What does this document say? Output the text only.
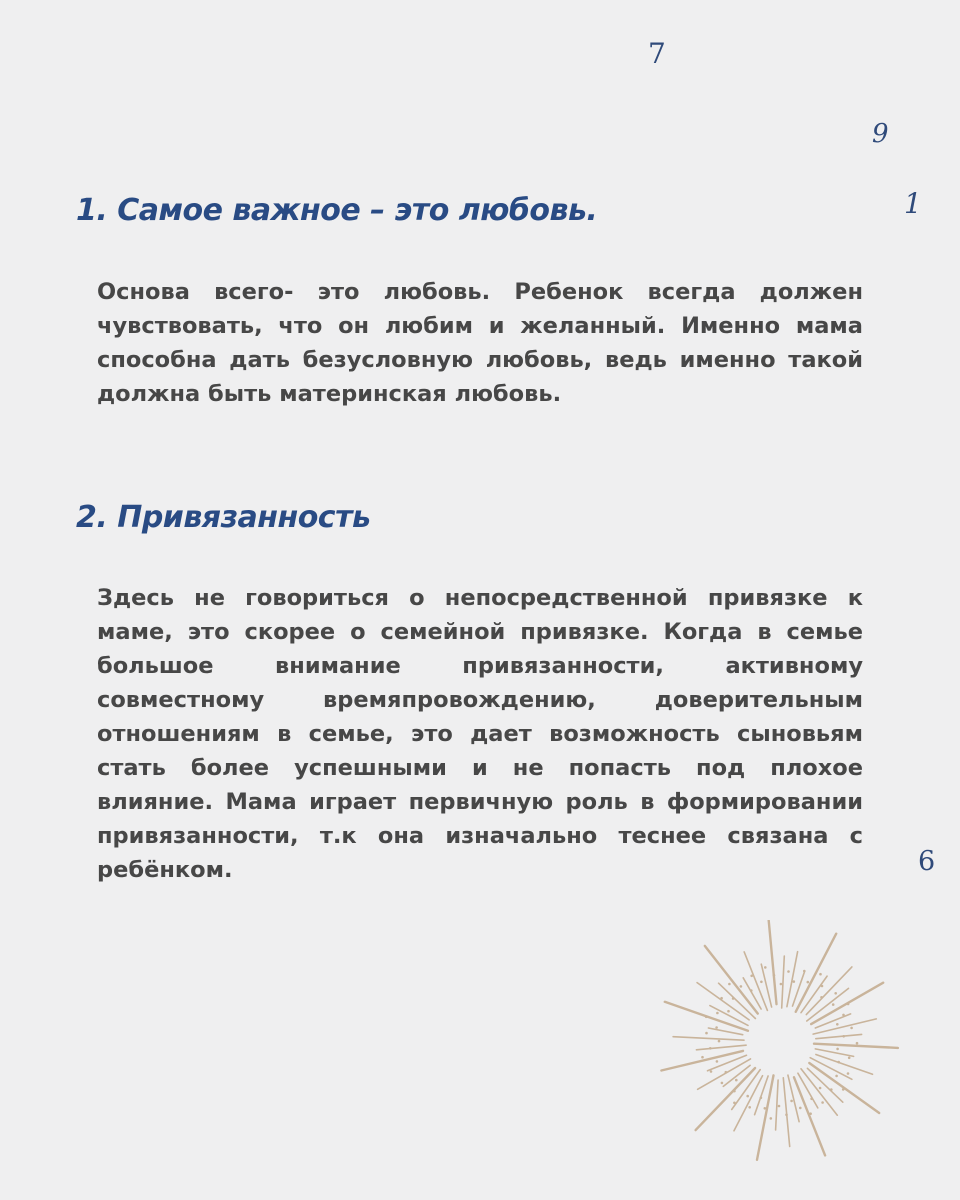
7
9
1
6
1. Самое важное – это любовь.

Основа всего- это любовь. Ребенок всегда должен чувствовать, что он любим и желанный. Именно мама способна дать безусловную любовь, ведь именно такой должна быть материнская любовь.

2. Привязанность

Здесь не говориться о непосредственной привязке к маме, это скорее о семейной привязке. Когда в семье большое внимание привязанности, активному совместному времяпровождению, доверительным отношениям в семье, это дает возможность сыновьям стать более успешными и не попасть под плохое влияние. Мама играет первичную роль в формировании привязанности, т.к она изначально теснее связана с ребёнком.
